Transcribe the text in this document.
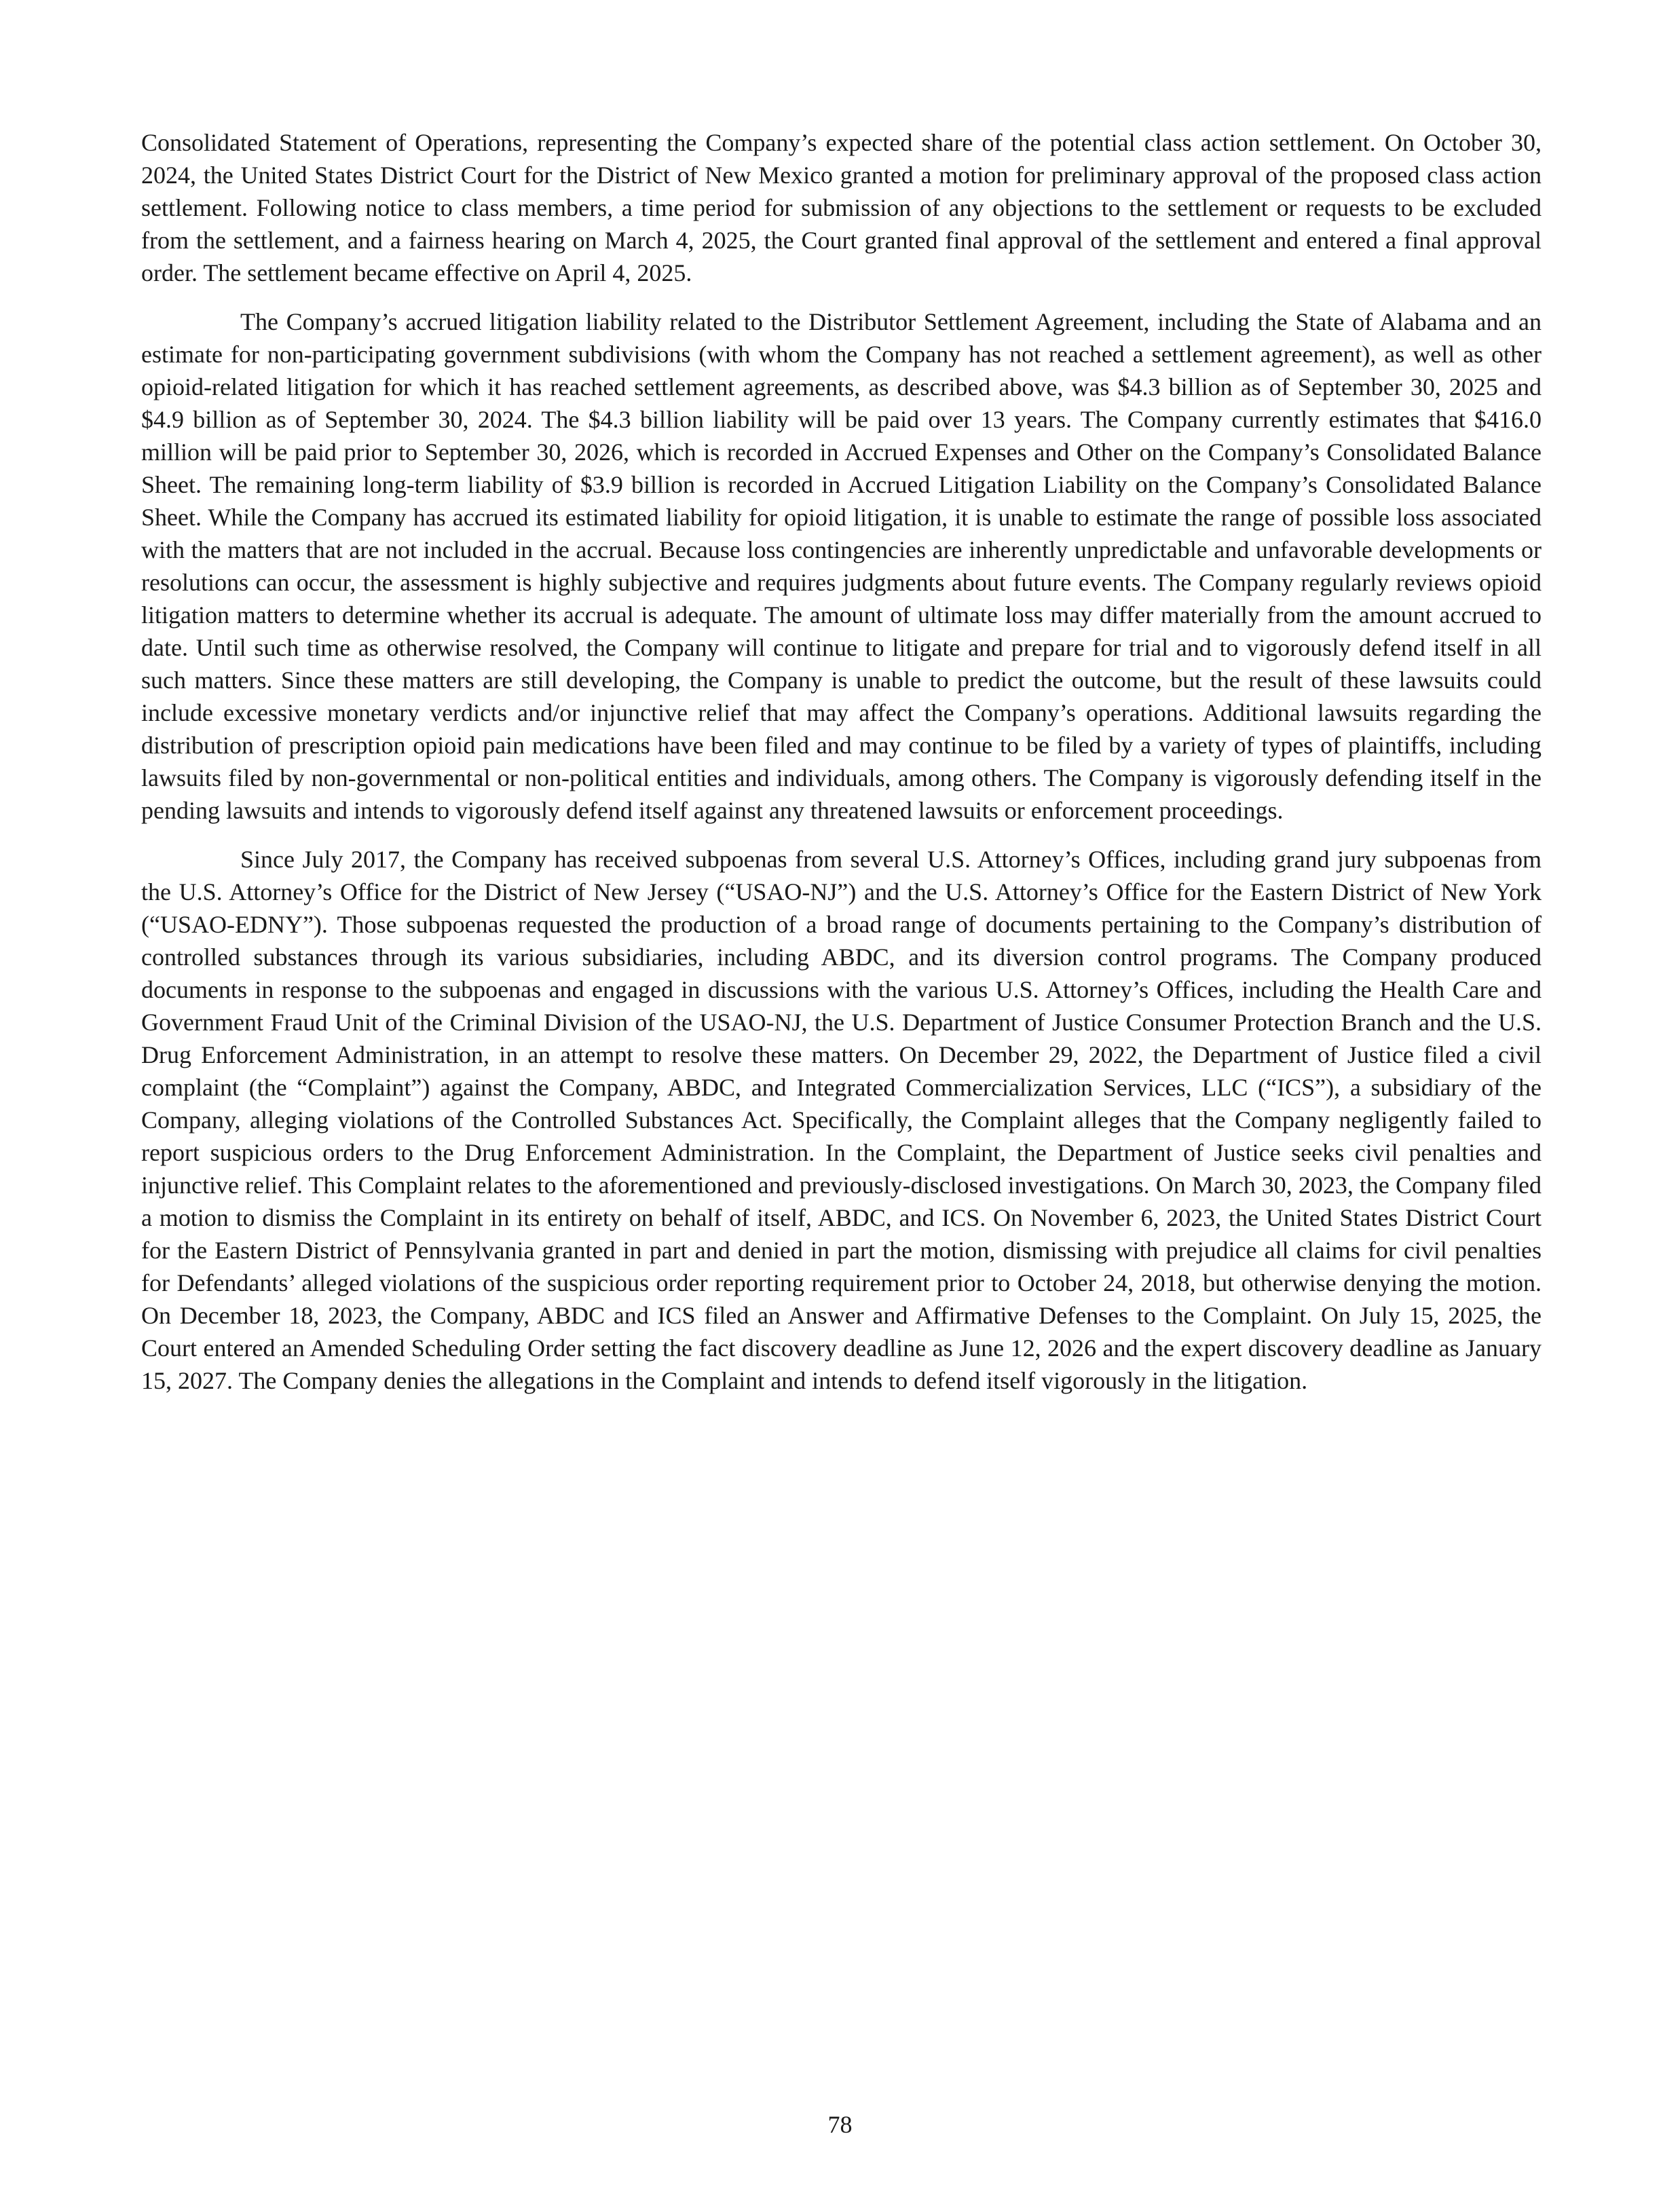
Consolidated Statement of Operations, representing the Company’s expected share of the potential class action settlement. On October 30, 2024, the United States District Court for the District of New Mexico granted a motion for preliminary approval of the proposed class action settlement. Following notice to class members, a time period for submission of any objections to the settlement or requests to be excluded from the settlement, and a fairness hearing on March 4, 2025, the Court granted final approval of the settlement and entered a final approval order. The settlement became effective on April 4, 2025.

The Company’s accrued litigation liability related to the Distributor Settlement Agreement, including the State of Alabama and an estimate for non-participating government subdivisions (with whom the Company has not reached a settlement agreement), as well as other opioid-related litigation for which it has reached settlement agreements, as described above, was $4.3 billion as of September 30, 2025 and $4.9 billion as of September 30, 2024. The $4.3 billion liability will be paid over 13 years. The Company currently estimates that $416.0 million will be paid prior to September 30, 2026, which is recorded in Accrued Expenses and Other on the Company’s Consolidated Balance Sheet. The remaining long-term liability of $3.9 billion is recorded in Accrued Litigation Liability on the Company’s Consolidated Balance Sheet. While the Company has accrued its estimated liability for opioid litigation, it is unable to estimate the range of possible loss associated with the matters that are not included in the accrual. Because loss contingencies are inherently unpredictable and unfavorable developments or resolutions can occur, the assessment is highly subjective and requires judgments about future events. The Company regularly reviews opioid litigation matters to determine whether its accrual is adequate. The amount of ultimate loss may differ materially from the amount accrued to date. Until such time as otherwise resolved, the Company will continue to litigate and prepare for trial and to vigorously defend itself in all such matters. Since these matters are still developing, the Company is unable to predict the outcome, but the result of these lawsuits could include excessive monetary verdicts and/or injunctive relief that may affect the Company’s operations. Additional lawsuits regarding the distribution of prescription opioid pain medications have been filed and may continue to be filed by a variety of types of plaintiffs, including lawsuits filed by non-governmental or non-political entities and individuals, among others. The Company is vigorously defending itself in the pending lawsuits and intends to vigorously defend itself against any threatened lawsuits or enforcement proceedings.

Since July 2017, the Company has received subpoenas from several U.S. Attorney’s Offices, including grand jury subpoenas from the U.S. Attorney’s Office for the District of New Jersey (“USAO-NJ”) and the U.S. Attorney’s Office for the Eastern District of New York (“USAO-EDNY”). Those subpoenas requested the production of a broad range of documents pertaining to the Company’s distribution of controlled substances through its various subsidiaries, including ABDC, and its diversion control programs. The Company produced documents in response to the subpoenas and engaged in discussions with the various U.S. Attorney’s Offices, including the Health Care and Government Fraud Unit of the Criminal Division of the USAO-NJ, the U.S. Department of Justice Consumer Protection Branch and the U.S. Drug Enforcement Administration, in an attempt to resolve these matters. On December 29, 2022, the Department of Justice filed a civil complaint (the “Complaint”) against the Company, ABDC, and Integrated Commercialization Services, LLC (“ICS”), a subsidiary of the Company, alleging violations of the Controlled Substances Act. Specifically, the Complaint alleges that the Company negligently failed to report suspicious orders to the Drug Enforcement Administration. In the Complaint, the Department of Justice seeks civil penalties and injunctive relief. This Complaint relates to the aforementioned and previously-disclosed investigations. On March 30, 2023, the Company filed a motion to dismiss the Complaint in its entirety on behalf of itself, ABDC, and ICS. On November 6, 2023, the United States District Court for the Eastern District of Pennsylvania granted in part and denied in part the motion, dismissing with prejudice all claims for civil penalties for Defendants’ alleged violations of the suspicious order reporting requirement prior to October 24, 2018, but otherwise denying the motion. On December 18, 2023, the Company, ABDC and ICS filed an Answer and Affirmative Defenses to the Complaint. On July 15, 2025, the Court entered an Amended Scheduling Order setting the fact discovery deadline as June 12, 2026 and the expert discovery deadline as January 15, 2027. The Company denies the allegations in the Complaint and intends to defend itself vigorously in the litigation.

78
